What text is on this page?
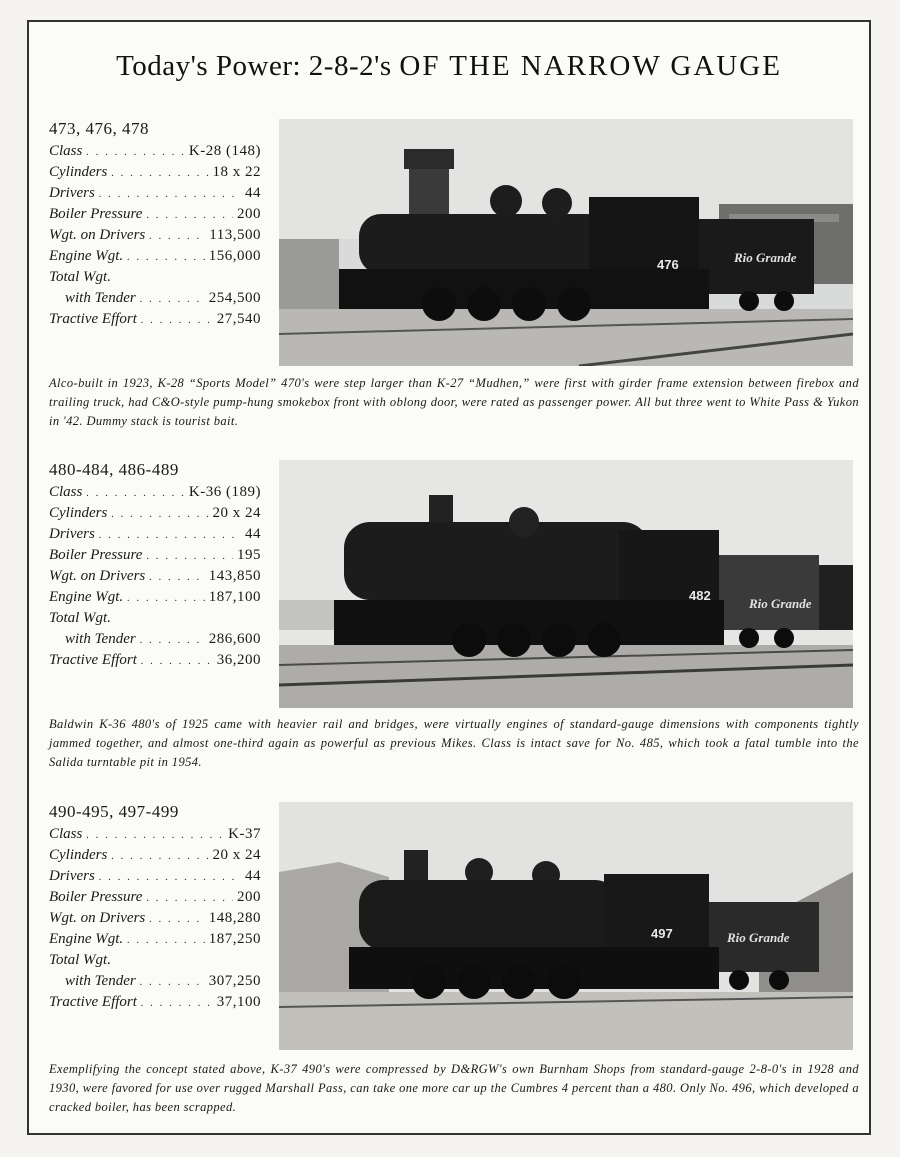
Today's Power: 2-8-2's OF THE NARROW GAUGE
473, 476, 478
Class . . .	K-28 (148)
Cylinders . . .	18 x 22
Drivers . . .	44
Boiler Pressure . . .	200
Wgt. on Drivers . . .	113,500
Engine Wgt. . . .	156,000
Total Wgt.
with Tender . . .	254,500
Tractive Effort . . .	27,540
476	Rio Grande
Alco-built in 1923, K-28 “Sports Model” 470's were step larger than K-27 “Mudhen,” were first with girder frame extension between firebox and trailing truck, had C&O-style pump-hung smokebox front with oblong door, were rated as passenger power. All but three went to White Pass & Yukon in '42. Dummy stack is tourist bait.
480-484, 486-489
Class . . .	K-36 (189)
Cylinders . . .	20 x 24
Drivers . . .	44
Boiler Pressure . . .	195
Wgt. on Drivers . . .	143,850
Engine Wgt. . . .	187,100
Total Wgt.
with Tender . . .	286,600
Tractive Effort . . .	36,200
482
Rio Grande
Baldwin K-36 480's of 1925 came with heavier rail and bridges, were virtually engines of standard-gauge dimensions with components tightly jammed together, and almost one-third again as powerful as previous Mikes. Class is intact save for No. 485, which took a fatal tumble into the Salida turntable pit in 1954.
490-495, 497-499
Class . . .	K-37
Cylinders . . .	20 x 24
Drivers . . .	44
Boiler Pressure . . .	200
Wgt. on Drivers . . .	148,280
Engine Wgt. . . .	187,250
Total Wgt.
with Tender . . .	307,250
Tractive Effort . . .	37,100
497	Rio Grande
Exemplifying the concept stated above, K-37 490's were compressed by D&RGW's own Burnham Shops from standard-gauge 2-8-0's in 1928 and 1930, were favored for use over rugged Marshall Pass, can take one more car up the Cumbres 4 percent than a 480. Only No. 496, which developed a cracked boiler, has been scrapped.
